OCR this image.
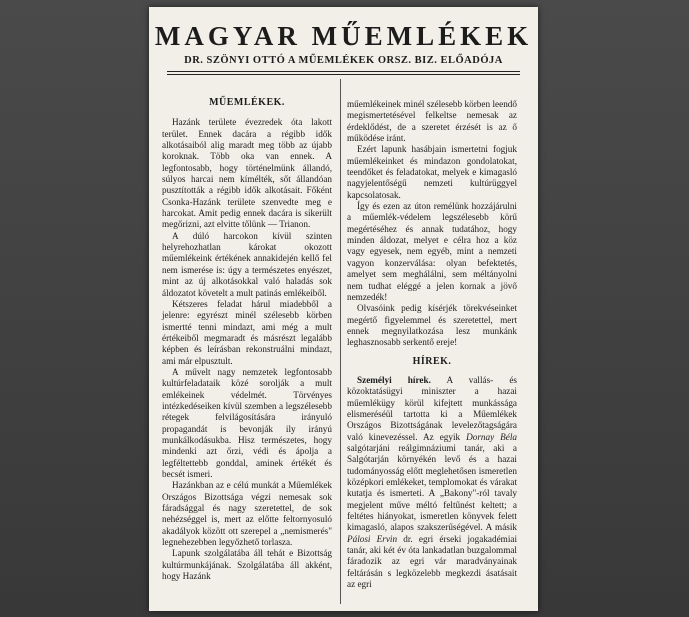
MAGYAR MŰEMLÉKEK
DR. SZÖNYI OTTÓ A MŰEMLÉKEK ORSZ. BIZ. ELŐADÓJA
MŰEMLÉKEK.

Hazánk területe évezredek óta lakott terület. Ennek dacára a régibb idők alkotásaiból alig maradt meg több az újabb koroknak. Több oka van ennek. A legfontosabb, hogy történelmünk állandó, súlyos harcai nem kímélték, sőt állandóan pusztították a régibb idők alkotásait. Főként Csonka-Hazánk területe szenvedte meg e harcokat. Amit pedig ennek dacára is sikerült megőrizni, azt elvitte tőlünk — Trianon.

A dúló harcokon kívül szinten helyrehozhatlan károkat okozott műemlékeink értékének annakidején kellő fel nem ismerése is: úgy a természetes enyészet, mint az új alkotásokkal való haladás sok áldozatot követelt a mult patinás emlékeiből.

Kétszeres feladat hárul miadebből a jelenre: egyrészt minél szélesebb körben ismertté tenni mindazt, ami még a mult értékeiből megmaradt és másrészt legalább képben és leírásban rekonstruálni mindazt, ami már elpusztult.

A művelt nagy nemzetek legfontosabb kultúrfeladataik közé sorolják a mult emlékeinek védelmét. Törvényes intézkedéseiken kívül szemben a legszélesebb rétegek felvilágosítására irányuló propagandát is bevonják ily irányú munkálkodásukba. Hisz természetes, hogy mindenki azt őrzi, védi és ápolja a legféltettebb gonddal, aminek értékét és becsét ismeri.

Hazánkban az e célú munkát a Műemlékek Országos Bizottsága végzi nemesak sok fáradsággal és nagy szeretettel, de sok nehézséggel is, mert az előtte feltornyosuló akadályok között ott szerepel a „nemismerés" legnehezebben legyőzhető torlasza.

Lapunk szolgálatába áll tehát e Bizottság kultúrmunkájának. Szolgálatába áll akként, hogy Hazánk

műemlékeinek minél szélesebb körben leendő megismertetésével felkeltse nemesak az érdeklődést, de a szeretet érzését is az ő működése iránt.

Ezért lapunk hasábjain ismertetni fogjuk műemlékeinket és mindazon gondolatokat, teendőket és feladatokat, melyek e kimagasló nagyjelentőségű nemzeti kultúrüggyel kapcsolatosak.

Így és ezen az úton remélünk hozzájárulni a műemlék-védelem legszélesebb körű megértéséhez és annak tudatához, hogy minden áldozat, melyet e célra hoz a köz vagy egyesek, nem egyéb, mint a nemzeti vagyon konzerválása: olyan befektetés, amelyet sem meghálálni, sem méltányolni nem tudhat eléggé a jelen kornak a jövő nemzedék!

Olvasóink pedig kísérjék törekvéseinket megértő figyelemmel és szeretettel, mert ennek megnyilatkozása lesz munkánk leghasznosabb serkentő ereje!

HÍREK.

Személyi hírek. A vallás- és közoktatásügyi miniszter a hazai műemlékügy körül kifejtett munkássága elismeréséül tartotta ki a Műemlékek Országos Bizottságának levelezőtagságára való kinevezéssel. Az egyik Dornay Béla salgótarjáni reálgimnáziumi tanár, aki a Salgótarján környékén levő és a hazai tudományosság előtt meglehetősen ismeretlen középkori emlékeket, templomokat és várakat kutatja és ismerteti. A „Bakony"-ról tavaly megjelent műve méltó feltűnést keltett; a feltétes hiányokat, ismeretlen könyvek felett kimagasló, alapos szakszerűségével. A másik Pálosi Ervin dr. egri érseki jogakadémiai tanár, aki két év óta lankadatlan buzgalommal fáradozik az egri vár maradványainak feltárásán s legközelebb megkezdi ásatásait az egri
